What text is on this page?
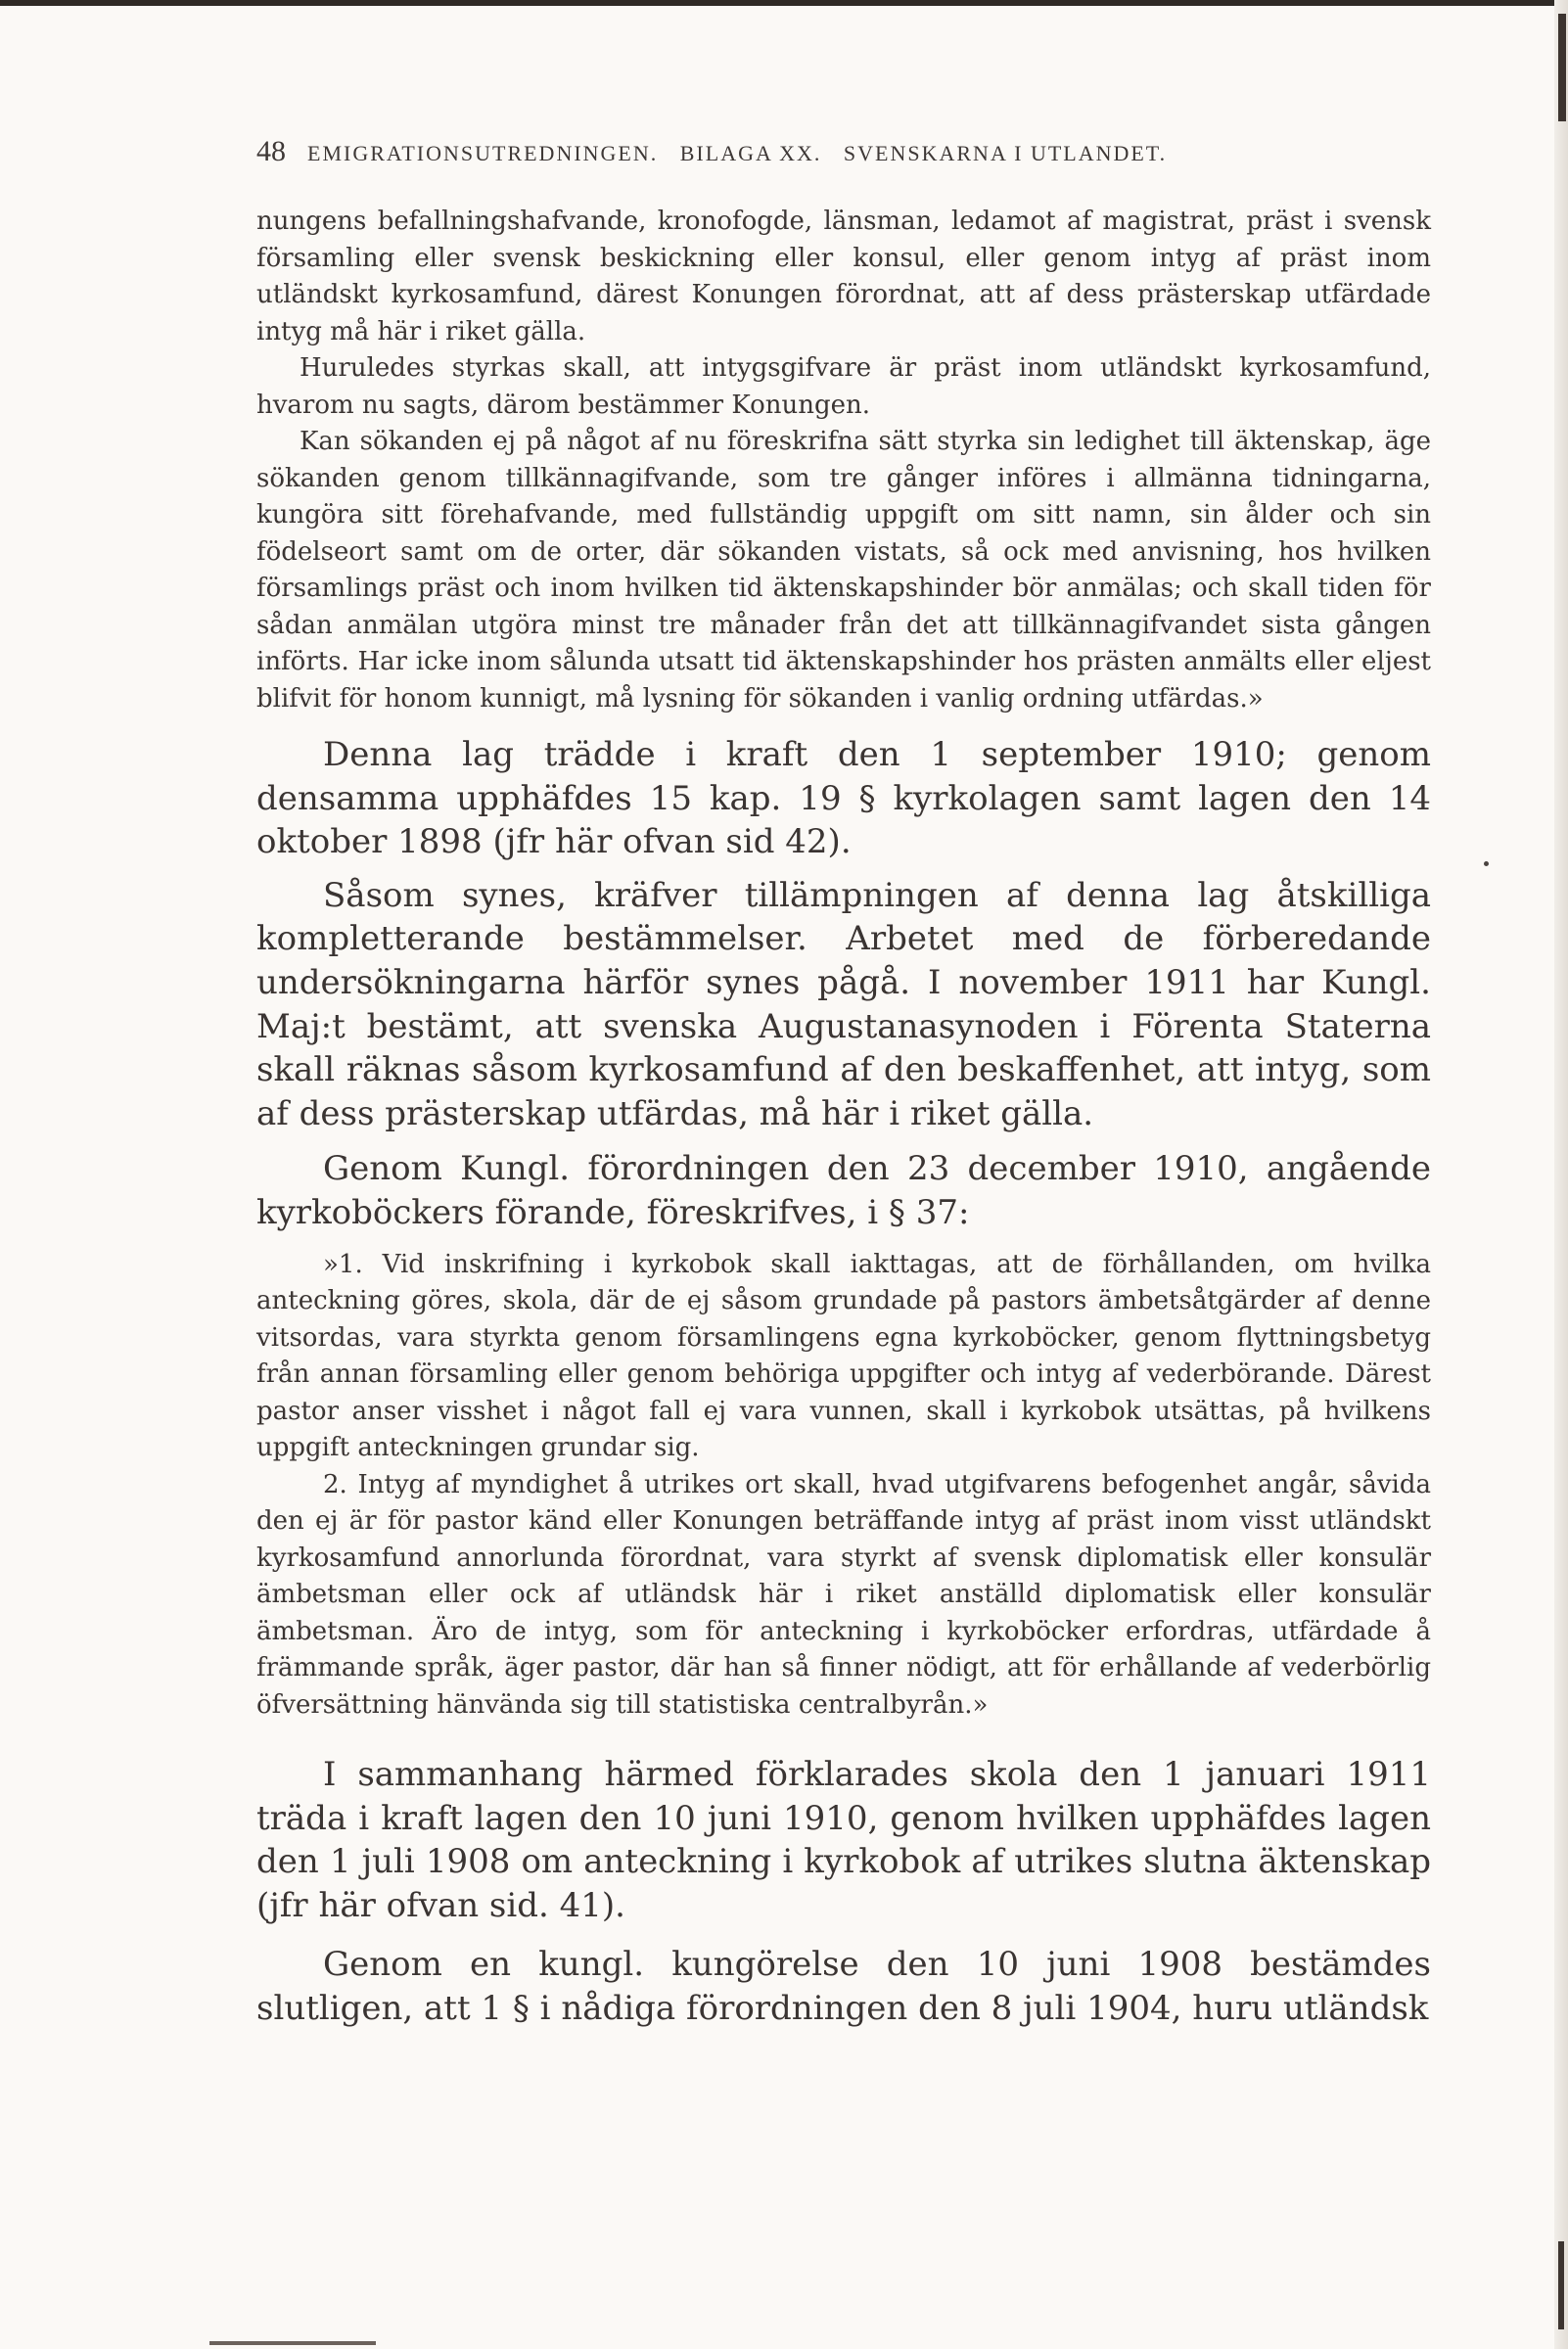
48 EMIGRATIONSUTREDNINGEN.   BILAGA XX.   SVENSKARNA I UTLANDET.

nungens befallningshafvande, kronofogde, länsman, ledamot af magistrat, präst i svensk församling eller svensk beskickning eller konsul, eller genom intyg af präst inom utländskt kyrkosamfund, därest Konungen förordnat, att af dess prästerskap utfärdade intyg må här i riket gälla.

Huruledes styrkas skall, att intygsgifvare är präst inom utländskt kyrkosamfund, hvarom nu sagts, därom bestämmer Konungen.

Kan sökanden ej på något af nu föreskrifna sätt styrka sin ledighet till äktenskap, äge sökanden genom tillkännagifvande, som tre gånger införes i allmänna tidningarna, kungöra sitt förehafvande, med fullständig uppgift om sitt namn, sin ålder och sin födelseort samt om de orter, där sökanden vistats, så ock med anvisning, hos hvilken församlings präst och inom hvilken tid äktenskapshinder bör anmälas; och skall tiden för sådan anmälan utgöra minst tre månader från det att tillkännagifvandet sista gången införts. Har icke inom sålunda utsatt tid äktenskapshinder hos prästen anmälts eller eljest blifvit för honom kunnigt, må lysning för sökanden i vanlig ordning utfärdas.»

Denna lag trädde i kraft den 1 september 1910; genom densamma upphäfdes 15 kap. 19 § kyrkolagen samt lagen den 14 oktober 1898 (jfr här ofvan sid 42).

Såsom synes, kräfver tillämpningen af denna lag åtskilliga kompletterande bestämmelser. Arbetet med de förberedande undersökningarna härför synes pågå. I november 1911 har Kungl. Maj:t bestämt, att svenska Augustanasynoden i Förenta Staterna skall räknas såsom kyrkosamfund af den beskaffenhet, att intyg, som af dess prästerskap utfärdas, må här i riket gälla.

Genom Kungl. förordningen den 23 december 1910, angående kyrkoböckers förande, föreskrifves, i § 37:

»1. Vid inskrifning i kyrkobok skall iakttagas, att de förhållanden, om hvilka anteckning göres, skola, där de ej såsom grundade på pastors ämbetsåtgärder af denne vitsordas, vara styrkta genom församlingens egna kyrkoböcker, genom flyttningsbetyg från annan församling eller genom behöriga uppgifter och intyg af vederbörande. Därest pastor anser visshet i något fall ej vara vunnen, skall i kyrkobok utsättas, på hvilkens uppgift anteckningen grundar sig.

2. Intyg af myndighet å utrikes ort skall, hvad utgifvarens befogenhet angår, såvida den ej är för pastor känd eller Konungen beträffande intyg af präst inom visst utländskt kyrkosamfund annorlunda förordnat, vara styrkt af svensk diplomatisk eller konsulär ämbetsman eller ock af utländsk här i riket anställd diplomatisk eller konsulär ämbetsman. Äro de intyg, som för anteckning i kyrkoböcker erfordras, utfärdade å främmande språk, äger pastor, där han så finner nödigt, att för erhållande af vederbörlig öfversättning hänvända sig till statistiska centralbyrån.»

I sammanhang härmed förklarades skola den 1 januari 1911 träda i kraft lagen den 10 juni 1910, genom hvilken upphäfdes lagen den 1 juli 1908 om anteckning i kyrkobok af utrikes slutna äktenskap (jfr här ofvan sid. 41).

Genom en kungl. kungörelse den 10 juni 1908 bestämdes slutligen, att 1 § i nådiga förordningen den 8 juli 1904, huru utländsk
